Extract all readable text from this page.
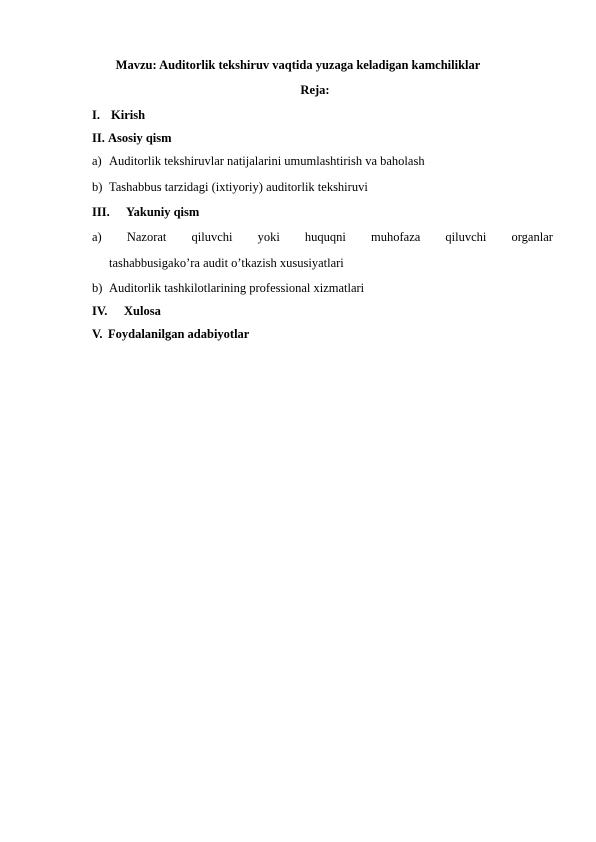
Mavzu: Auditorlik tekshiruv vaqtida yuzaga keladigan kamchiliklar
Reja:
I. Kirish
II. Asosiy qism
a) Auditorlik tekshiruvlar natijalarini umumlashtirish va baholash
b) Tashabbus tarzidagi (ixtiyoriy) auditorlik tekshiruvi
III. Yakuniy qism
a) Nazorat qiluvchi yoki huquqni muhofaza qiluvchi organlar
tashabbusigako’ra audit o’tkazish xususiyatlari
b) Auditorlik tashkilotlarining professional xizmatlari
IV. Xulosa
V. Foydalanilgan adabiyotlar
